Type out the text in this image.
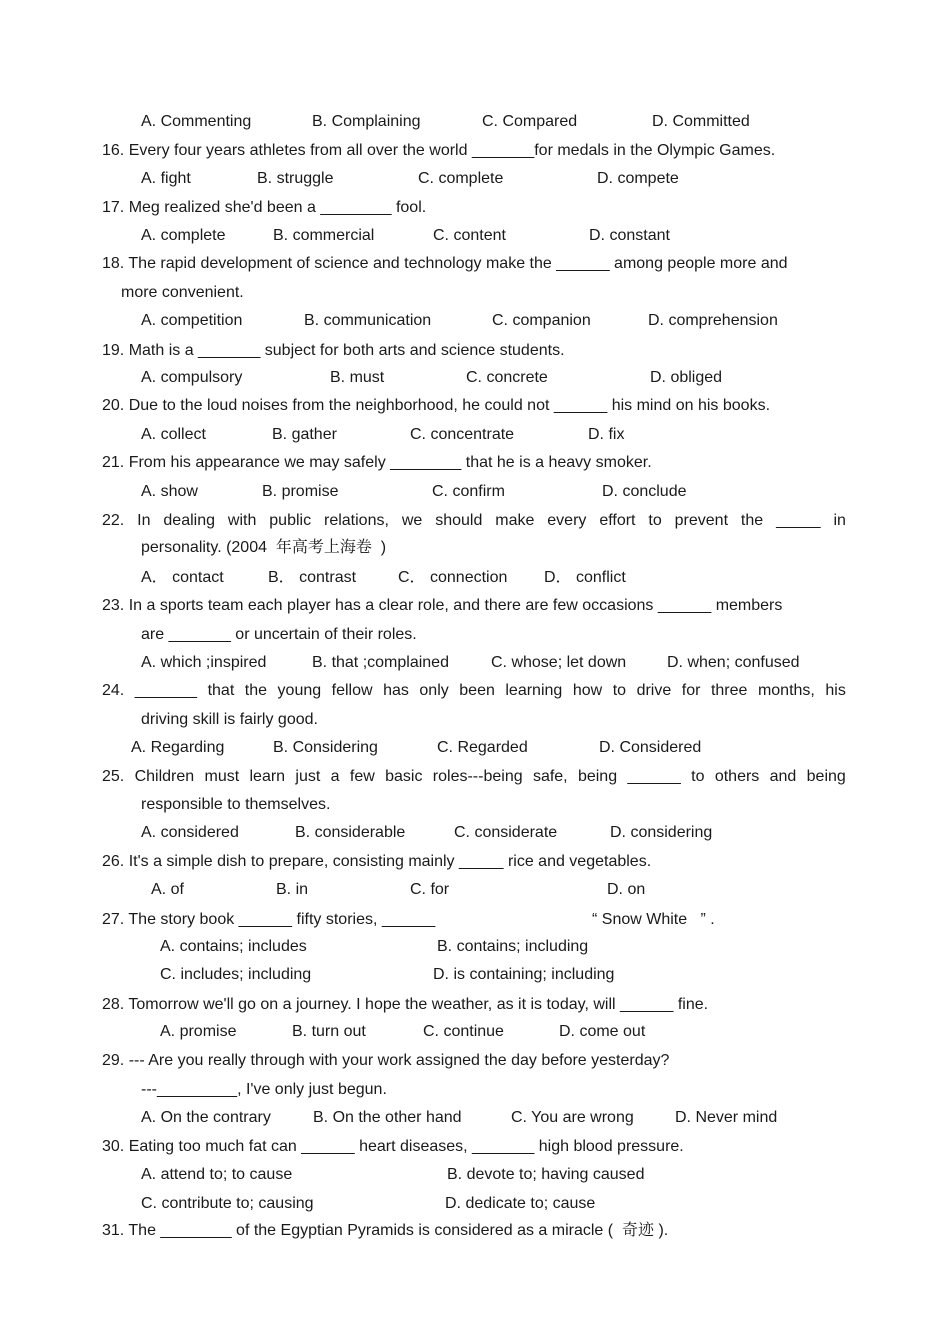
A. Commenting	B. Complaining	C. Compared	D. Committed
16. Every four years athletes from all over the world _______for medals in the Olympic Games.
A. fight	B. struggle	C. complete	D. compete
17. Meg realized she'd been a ________ fool.
A. complete	B. commercial	C. content	D. constant
18. The rapid development of science and technology make the ______ among people more and
more convenient.
A. competition	B. communication	C. companion	D. comprehension
19. Math is a _______ subject for both arts and science students.
A. compulsory	B. must	C. concrete	D. obliged
20. Due to the loud noises from the neighborhood, he could not ______ his mind on his books.
A. collect	B. gather	C. concentrate	D. fix
21. From his appearance we may safely ________ that he is a heavy smoker.
A. show	B. promise	C. confirm	D. conclude
22. In dealing with public relations, we should make every effort to prevent the _____ in
personality. (2004  年高考上海卷  )
A． contact	B． contrast	C． connection D． conflict
23. In a sports team each player has a clear role, and there are few occasions ______ members
are _______ or uncertain of their roles.
A. which ;inspired	B. that ;complained	C. whose; let down	D. when; confused
24. _______ that the young fellow has only been learning how to drive for three months, his
driving skill is fairly good.
A. Regarding	B. Considering	C. Regarded	D. Considered
25. Children must learn just a few basic roles---being safe, being ______ to others and being
responsible to themselves.
A. considered	B. considerable	C. considerate	D. considering
26. It's a simple dish to prepare, consisting mainly _____ rice and vegetables.
A. of	B. in	C. for	D. on
27. The story book ______ fifty stories, ______	“ Snow White   ” .
A. contains; includes	B. contains; including
C. includes; including	D. is containing; including
28. Tomorrow we'll go on a journey. I hope the weather, as it is today, will ______ fine.
A. promise	B. turn out	C. continue	D. come out
29. --- Are you really through with your work assigned the day before yesterday?
---_________, I've only just begun.
A. On the contrary	B. On the other hand	C. You are wrong	D. Never mind
30. Eating too much fat can ______ heart diseases, _______ high blood pressure.
A. attend to; to cause	B. devote to; having caused
C. contribute to; causing	D. dedicate to; cause
31. The ________ of the Egyptian Pyramids is considered as a miracle (  奇迹 ).
